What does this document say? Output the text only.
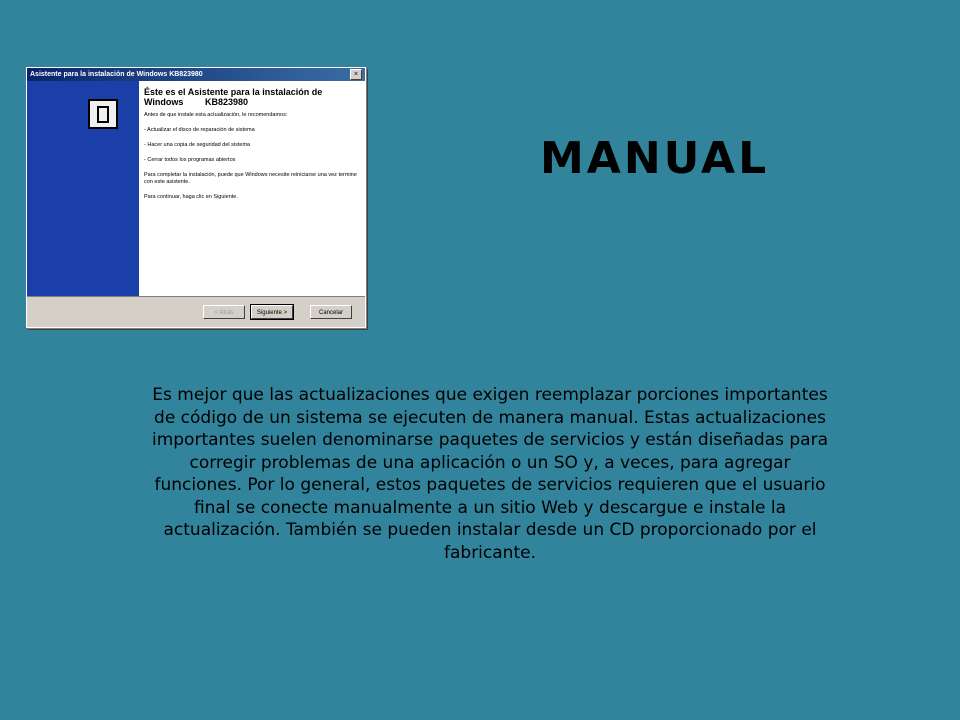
Asistente para la instalación de Windows KB823980	×
Éste es el Asistente para la instalación de
Windows	KB823980

Antes de que instale esta actualización, le recomendamos:

- Actualizar el disco de reparación de sistema

- Hacer una copia de seguridad del sistema

- Cerrar todos los programas abiertos

Para completar la instalación, puede que Windows necesite reiniciarse una vez termine con este asistente.

Para continuar, haga clic en Siguiente.

< Atrás	Siguiente >	Cancelar
MANUAL
Es mejor que las actualizaciones que exigen reemplazar porciones importantes de código de un sistema se ejecuten de manera manual. Estas actualizaciones importantes suelen denominarse paquetes de servicios y están diseñadas para corregir problemas de una aplicación o un SO y, a veces, para agregar funciones. Por lo general, estos paquetes de servicios requieren que el usuario final se conecte manualmente a un sitio Web y descargue e instale la actualización. También se pueden instalar desde un CD proporcionado por el fabricante.
